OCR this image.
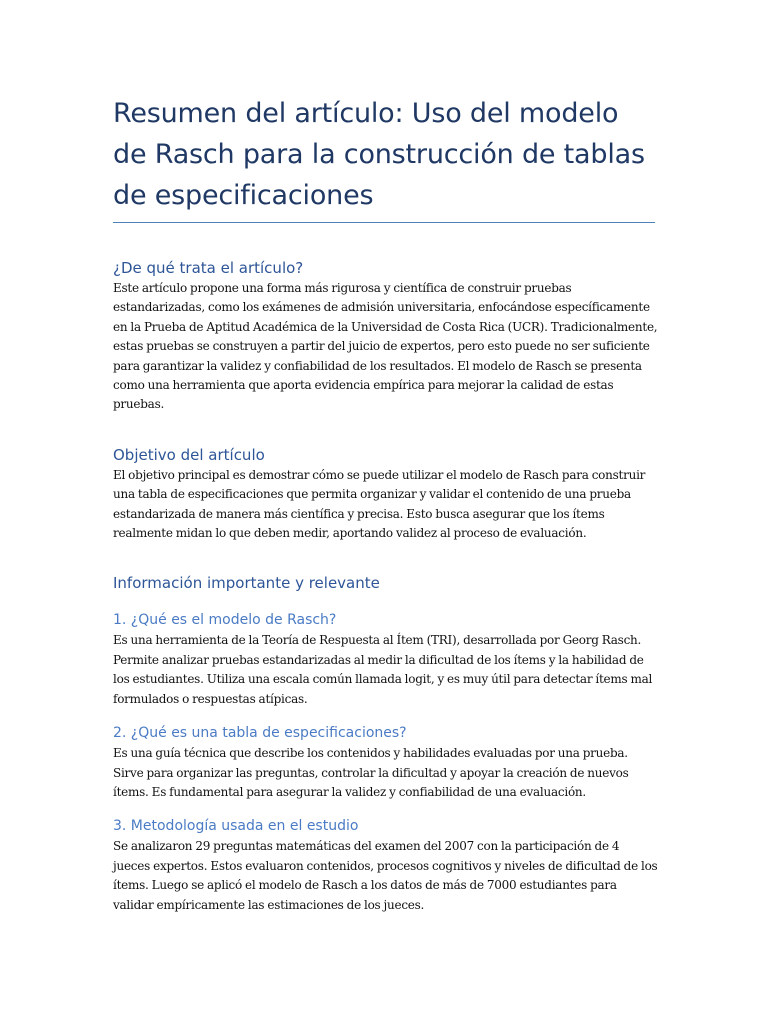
Resumen del artículo: Uso del modelo de Rasch para la construcción de tablas de especificaciones
¿De qué trata el artículo?

Este artículo propone una forma más rigurosa y científica de construir pruebas estandarizadas, como los exámenes de admisión universitaria, enfocándose específicamente en la Prueba de Aptitud Académica de la Universidad de Costa Rica (UCR). Tradicionalmente, estas pruebas se construyen a partir del juicio de expertos, pero esto puede no ser suficiente para garantizar la validez y confiabilidad de los resultados. El modelo de Rasch se presenta como una herramienta que aporta evidencia empírica para mejorar la calidad de estas pruebas.

Objetivo del artículo

El objetivo principal es demostrar cómo se puede utilizar el modelo de Rasch para construir una tabla de especificaciones que permita organizar y validar el contenido de una prueba estandarizada de manera más científica y precisa. Esto busca asegurar que los ítems realmente midan lo que deben medir, aportando validez al proceso de evaluación.

Información importante y relevante
1. ¿Qué es el modelo de Rasch?

Es una herramienta de la Teoría de Respuesta al Ítem (TRI), desarrollada por Georg Rasch. Permite analizar pruebas estandarizadas al medir la dificultad de los ítems y la habilidad de los estudiantes. Utiliza una escala común llamada logit, y es muy útil para detectar ítems mal formulados o respuestas atípicas.

2. ¿Qué es una tabla de especificaciones?

Es una guía técnica que describe los contenidos y habilidades evaluadas por una prueba. Sirve para organizar las preguntas, controlar la dificultad y apoyar la creación de nuevos ítems. Es fundamental para asegurar la validez y confiabilidad de una evaluación.

3. Metodología usada en el estudio

Se analizaron 29 preguntas matemáticas del examen del 2007 con la participación de 4 jueces expertos. Estos evaluaron contenidos, procesos cognitivos y niveles de dificultad de los ítems. Luego se aplicó el modelo de Rasch a los datos de más de 7000 estudiantes para validar empíricamente las estimaciones de los jueces.
